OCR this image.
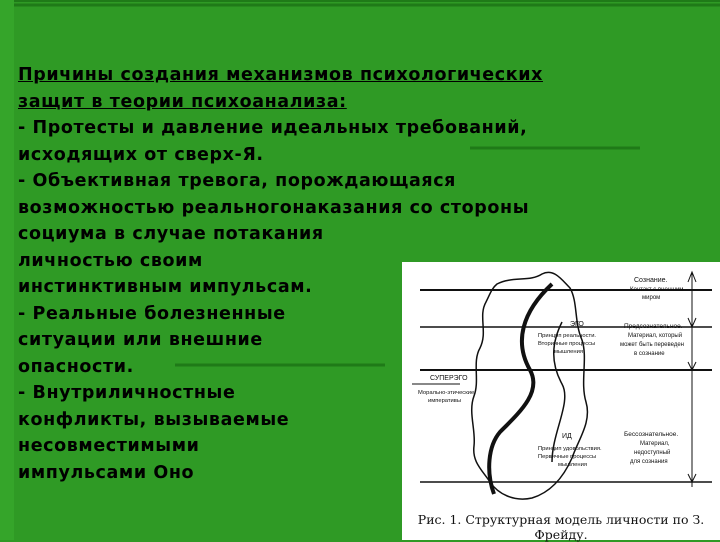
Причины создания механизмов психологических
защит в теории психоанализа:
- Протесты и давление идеальных требований,
исходящих от сверх-Я.
- Объективная тревога, порождающаяся
возможностью реальногонаказания со стороны
социума в случае потакания
личностью своим
инстинктивным импульсам.
- Реальные болезненные
ситуации или внешние
опасности.
- Внутриличностные
конфликты, вызываемые
несовместимыми
импульсами Оно
Сознание.
Контакт с внешним
миром
Предсознательное.
Материал, который
может быть переведен
в сознание
Бессознательное.
Материал,
недоступный
для сознания
ЭГО
Принцип реальности.
Вторичные процессы
мышления
СУПЕРЭГО
Морально-этические
императивы
ИД
Принцип удовольствия.
Первичные процессы
мышления
Рис. 1. Структурная модель личности по З. Фрейду.
